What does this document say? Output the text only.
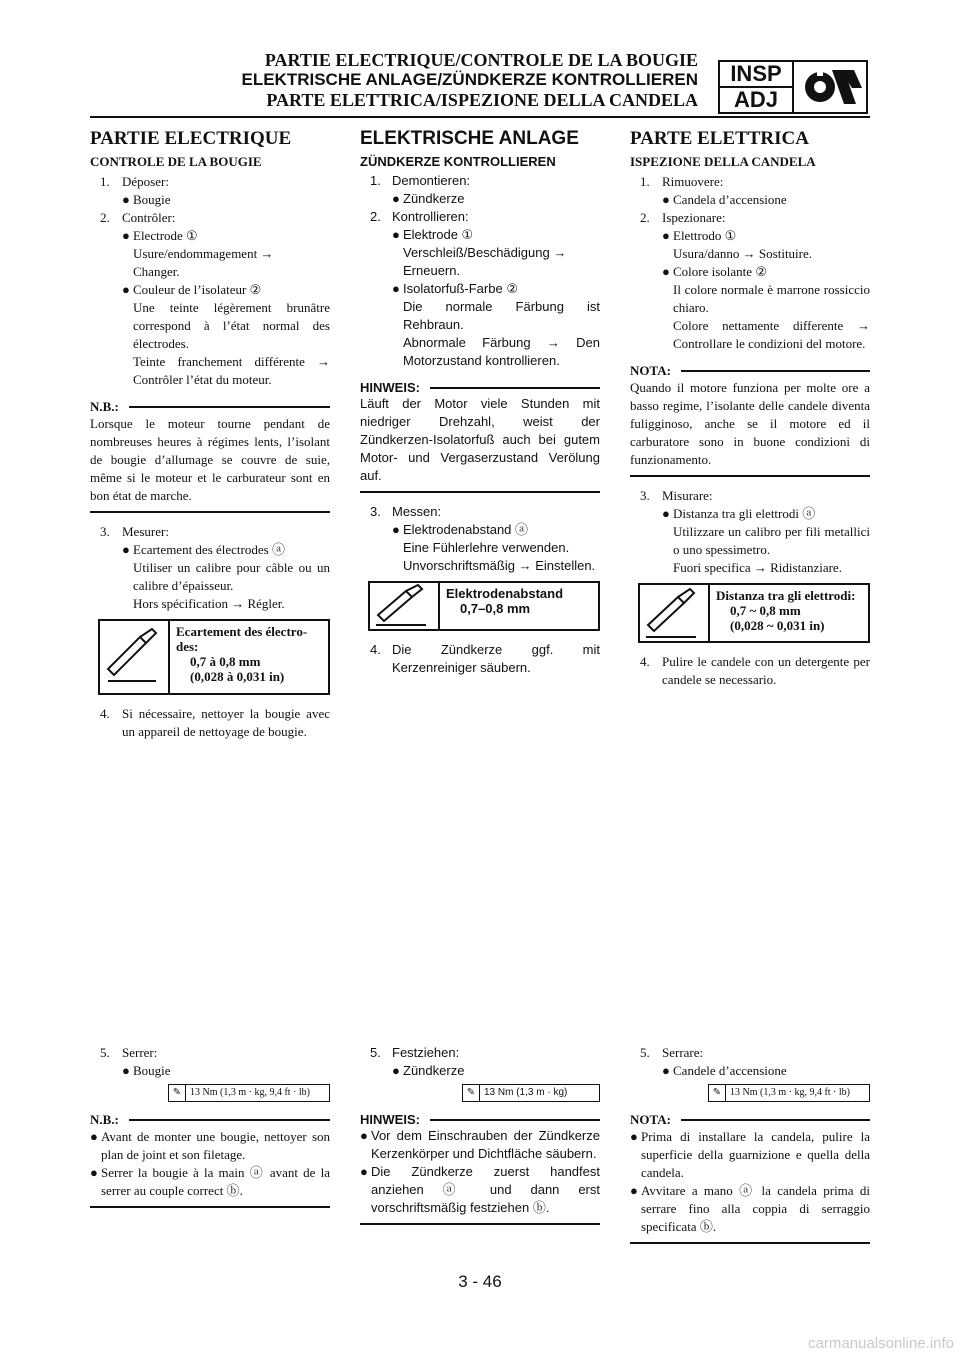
PARTIE ELECTRIQUE/CONTROLE DE LA BOUGIE
ELEKTRISCHE ANLAGE/ZÜNDKERZE KONTROLLIEREN
PARTE ELETTRICA/ISPEZIONE DELLA CANDELA
INSP
ADJ
PARTIE ELECTRIQUE
CONTROLE DE LA BOUGIE
1. Déposer:
● Bougie
2. Contrôler:
● Electrode ①
Usure/endommagement →
Changer.
● Couleur de l’isolateur ②
Une teinte légèrement brunâtre correspond à l’état normal des électrodes.
Teinte franchement différente → Contrôler l’état du moteur.
N.B.:
Lorsque le moteur tourne pendant de nombreuses heures à régimes lents, l’isolant de bougie d’allumage se couvre de suie, même si le moteur et le carburateur sont en bon état de marche.
3. Mesurer:
● Ecartement des électrodes ⓐ
Utiliser un calibre pour câble ou un calibre d’épaisseur.
Hors spécification → Régler.
Ecartement des électro-
des:
0,7 à 0,8 mm
(0,028 à 0,031 in)
4. Si nécessaire, nettoyer la bougie avec un appareil de nettoyage de bougie.
ELEKTRISCHE ANLAGE
ZÜNDKERZE KONTROLLIEREN
1. Demontieren:
● Zündkerze
2. Kontrollieren:
● Elektrode ①
Verschleiß/Beschädigung → Erneuern.
● Isolatorfuß-Farbe ②
Die normale Färbung ist Rehbraun.
Abnormale Färbung → Den Motorzustand kontrollieren.
HINWEIS:
Läuft der Motor viele Stunden mit niedriger Drehzahl, weist der Zündkerzen-Isolatorfuß auch bei gutem Motor- und Vergaserzustand Verölung auf.
3. Messen:
● Elektrodenabstand ⓐ
Eine Fühlerlehre verwenden.
Unvorschriftsmäßig → Einstellen.
Elektrodenabstand
0,7–0,8 mm
4. Die Zündkerze ggf. mit Kerzenreiniger säubern.
PARTE ELETTRICA
ISPEZIONE DELLA CANDELA
1. Rimuovere:
● Candela d’accensione
2. Ispezionare:
● Elettrodo ①
Usura/danno → Sostituire.
● Colore isolante ②
Il colore normale è marrone rossiccio chiaro.
Colore nettamente differente → Controllare le condizioni del motore.
NOTA:
Quando il motore funziona per molte ore a basso regime, l’isolante delle candele diventa fuligginoso, anche se il motore ed il carburatore sono in buone condizioni di funzionamento.
3. Misurare:
● Distanza tra gli elettrodi ⓐ
Utilizzare un calibro per fili metallici o uno spessimetro.
Fuori specifica → Ridistanziare.
Distanza tra gli elettrodi:
0,7 ~ 0,8 mm
(0,028 ~ 0,031 in)
4. Pulire le candele con un detergente per candele se necessario.
5. Serrer:
● Bougie
✎ 13 Nm (1,3 m · kg, 9,4 ft · lb)
N.B.:
● Avant de monter une bougie, nettoyer son plan de joint et son filetage.
● Serrer la bougie à la main ⓐ avant de la serrer au couple correct ⓑ.
5. Festziehen:
● Zündkerze
✎ 13 Nm (1,3 m · kg)
HINWEIS:
● Vor dem Einschrauben der Zündkerze Kerzenkörper und Dichtfläche säubern.
● Die Zündkerze zuerst handfest anziehen ⓐ und dann erst vorschriftsmäßig festziehen ⓑ.
5. Serrare:
● Candele d’accensione
✎ 13 Nm (1,3 m · kg, 9,4 ft · lb)
NOTA:
● Prima di installare la candela, pulire la superficie della guarnizione e quella della candela.
● Avvitare a mano ⓐ la candela prima di serrare fino alla coppia di serraggio specificata ⓑ.
3 - 46
carmanualsonline.info
